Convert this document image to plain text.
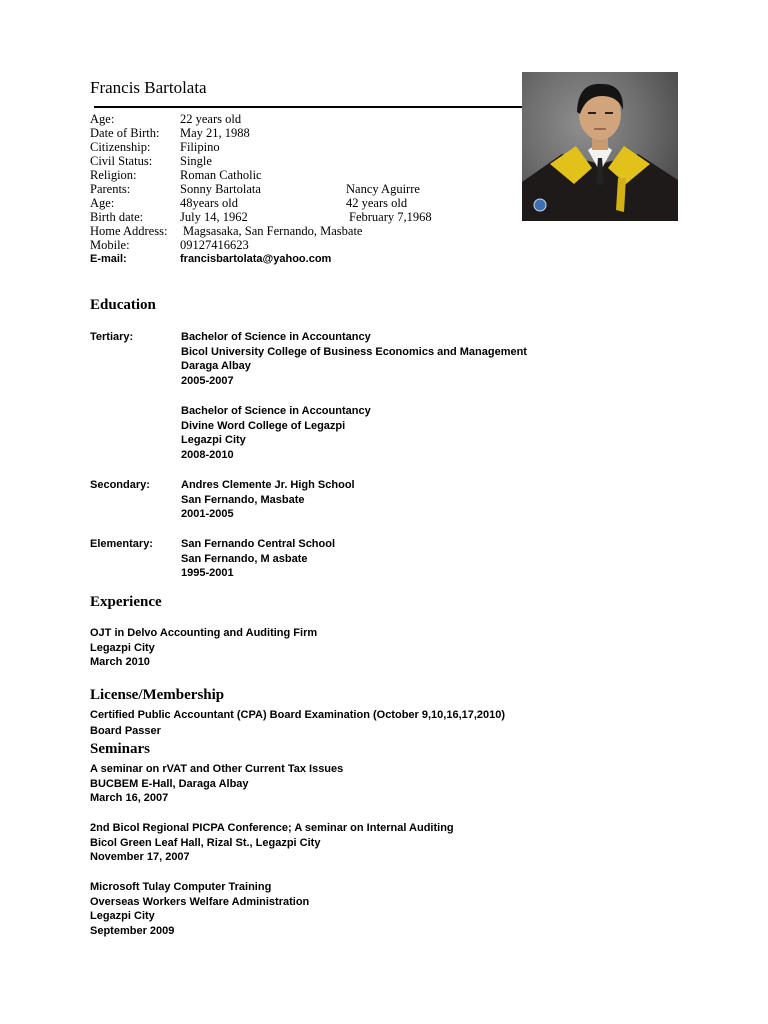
Francis Bartolata
Age:	22 years old
Date of Birth: May 21, 1988
Citizenship: Filipino
Civil Status: Single
Religion:	Roman Catholic
Parents:	Sonny Bartolata	Nancy Aguirre
Age:	48years old	42 years old
Birth date:	July 14, 1962	February 7,1968
Home Address: Magsasaka, San Fernando, Masbate
Mobile:	09127416623
E-mail:	francisbartolata@yahoo.com
Education
Tertiary:	Bachelor of Science in Accountancy
Bicol University College of Business Economics and Management
Daraga Albay
2005-2007
Bachelor of Science in Accountancy
Divine Word College of Legazpi
Legazpi City
2008-2010
Secondary:	Andres Clemente Jr. High School
San Fernando, Masbate
2001-2005
Elementary:	San Fernando Central School
San Fernando, M asbate
1995-2001
Experience
OJT in Delvo Accounting and Auditing Firm
Legazpi City
March 2010
License/Membership
Certified Public Accountant (CPA) Board Examination (October 9,10,16,17,2010)
Board Passer
Seminars
A seminar on rVAT and Other Current Tax Issues
BUCBEM E-Hall, Daraga Albay
March 16, 2007
2nd Bicol Regional PICPA Conference; A seminar on Internal Auditing
Bicol Green Leaf Hall, Rizal St., Legazpi City
November 17, 2007
Microsoft Tulay Computer Training
Overseas Workers Welfare Administration
Legazpi City
September 2009
